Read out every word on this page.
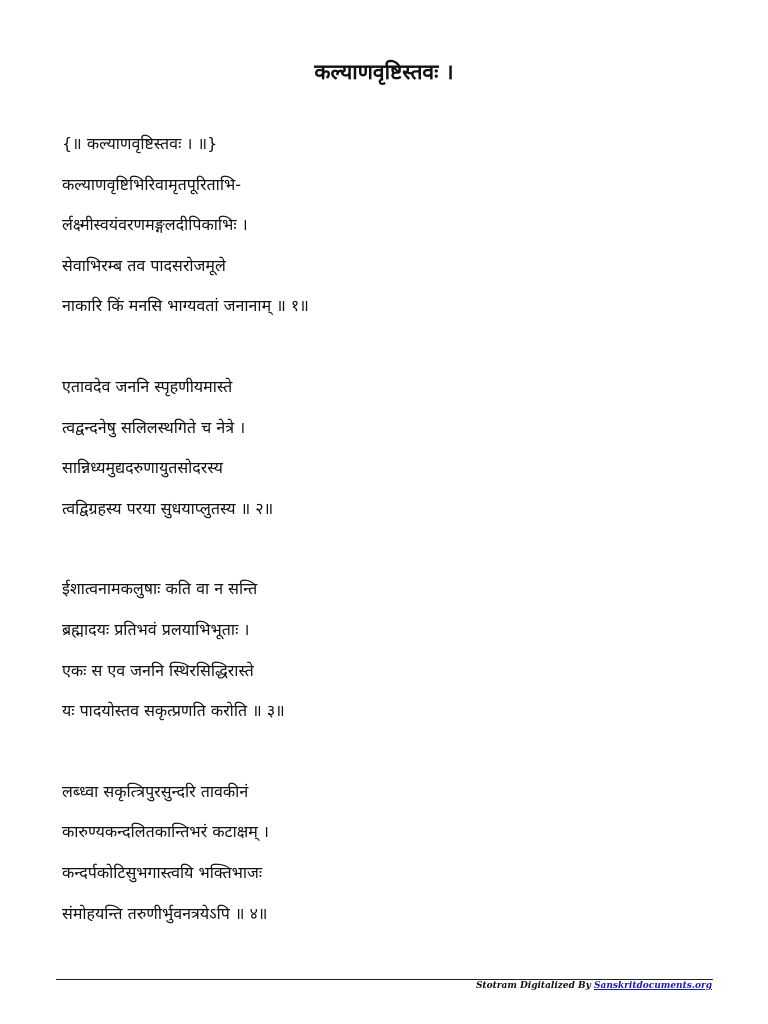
कल्याणवृष्टिस्तवः ।
{॥ कल्याणवृष्टिस्तवः । ॥}
कल्याणवृष्टिभिरिवामृतपूरिताभि-
र्लक्ष्मीस्वयंवरणमङ्गलदीपिकाभिः ।
सेवाभिरम्ब तव पादसरोजमूले
नाकारि किं मनसि भाग्यवतां जनानाम् ॥ १॥
एतावदेव जननि स्पृहणीयमास्ते
त्वद्वन्दनेषु सलिलस्थगिते च नेत्रे ।
सान्निध्यमुद्यदरुणायुतसोदरस्य
त्वद्विग्रहस्य परया सुधयाप्लुतस्य ॥ २॥
ईशात्वनामकलुषाः कति वा न सन्ति
ब्रह्मादयः प्रतिभवं प्रलयाभिभूताः ।
एकः स एव जननि स्थिरसिद्धिरास्ते
यः पादयोस्तव सकृत्प्रणति करोति ॥ ३॥
लब्ध्वा सकृत्त्रिपुरसुन्दरि तावकीनं
कारुण्यकन्दलितकान्तिभरं कटाक्षम् ।
कन्दर्पकोटिसुभगास्त्वयि भक्तिभाजः
संमोहयन्ति तरुणीर्भुवनत्रयेऽपि ॥ ४॥
Stotram Digitalized By Sanskritdocuments.org
